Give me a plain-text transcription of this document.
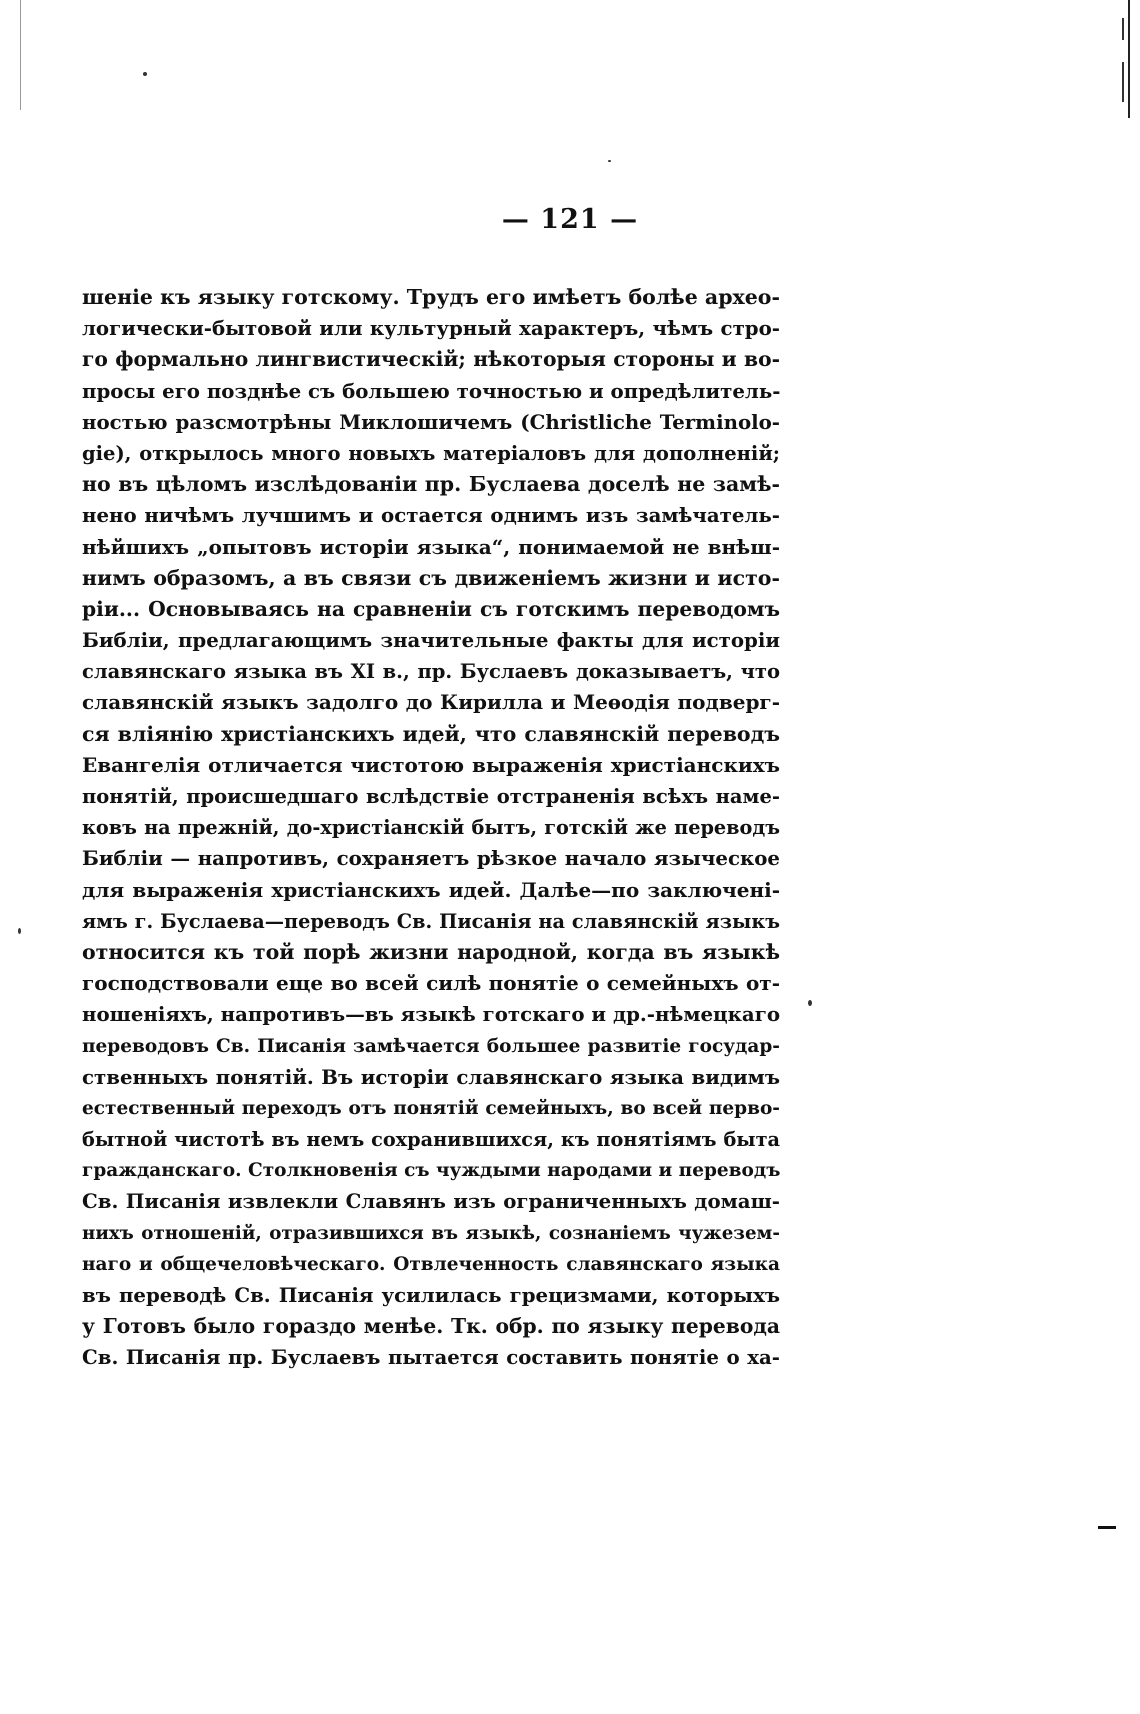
— 121 —
шеніе къ языку готскому. Трудъ его имѣетъ болѣе архео-
логически-бытовой или культурный характеръ, чѣмъ стро-
го формально лингвистическій; нѣкоторыя стороны и во-
просы его позднѣе съ большею точностью и опредѣлитель-
ностью разсмотрѣны Миклошичемъ (Christliche Terminolo-
gie), открылось много новыхъ матеріаловъ для дополненій;
но въ цѣломъ изслѣдованіи пр. Буслаева доселѣ не замѣ-
нено ничѣмъ лучшимъ и остается однимъ изъ замѣчатель-
нѣйшихъ „опытовъ исторіи языка“, понимаемой не внѣш-
нимъ образомъ, а въ связи съ движеніемъ жизни и исто-
ріи... Основываясь на сравненіи съ готскимъ переводомъ
Библіи, предлагающимъ значительные факты для исторіи
славянскаго языка въ XI в., пр. Буслаевъ доказываетъ, что
славянскій языкъ задолго до Кирилла и Меѳодія подверг-
ся вліянію христіанскихъ идей, что славянскій переводъ
Евангелія отличается чистотою выраженія христіанскихъ
понятій, происшедшаго вслѣдствіе отстраненія всѣхъ наме-
ковъ на прежній, до-христіанскій бытъ, готскій же переводъ
Библіи — напротивъ, сохраняетъ рѣзкое начало языческое
для выраженія христіанскихъ идей. Далѣе—по заключені-
ямъ г. Буслаева—переводъ Св. Писанія на славянскій языкъ
относится къ той порѣ жизни народной, когда въ языкѣ
господствовали еще во всей силѣ понятіе о семейныхъ от-
ношеніяхъ, напротивъ—въ языкѣ готскаго и др.-нѣмецкаго
переводовъ Св. Писанія замѣчается большее развитіе государ-
ственныхъ понятій. Въ исторіи славянскаго языка видимъ
естественный переходъ отъ понятій семейныхъ, во всей перво-
бытной чистотѣ въ немъ сохранившихся, къ понятіямъ быта
гражданскаго. Столкновенія съ чуждыми народами и переводъ
Св. Писанія извлекли Славянъ изъ ограниченныхъ домаш-
нихъ отношеній, отразившихся въ языкѣ, сознаніемъ чужезем-
наго и общечеловѣческаго. Отвлеченность славянскаго языка
въ переводѣ Св. Писанія усилилась грецизмами, которыхъ
у Готовъ было гораздо менѣе. Тк. обр. по языку перевода
Св. Писанія пр. Буслаевъ пытается составить понятіе о ха-
